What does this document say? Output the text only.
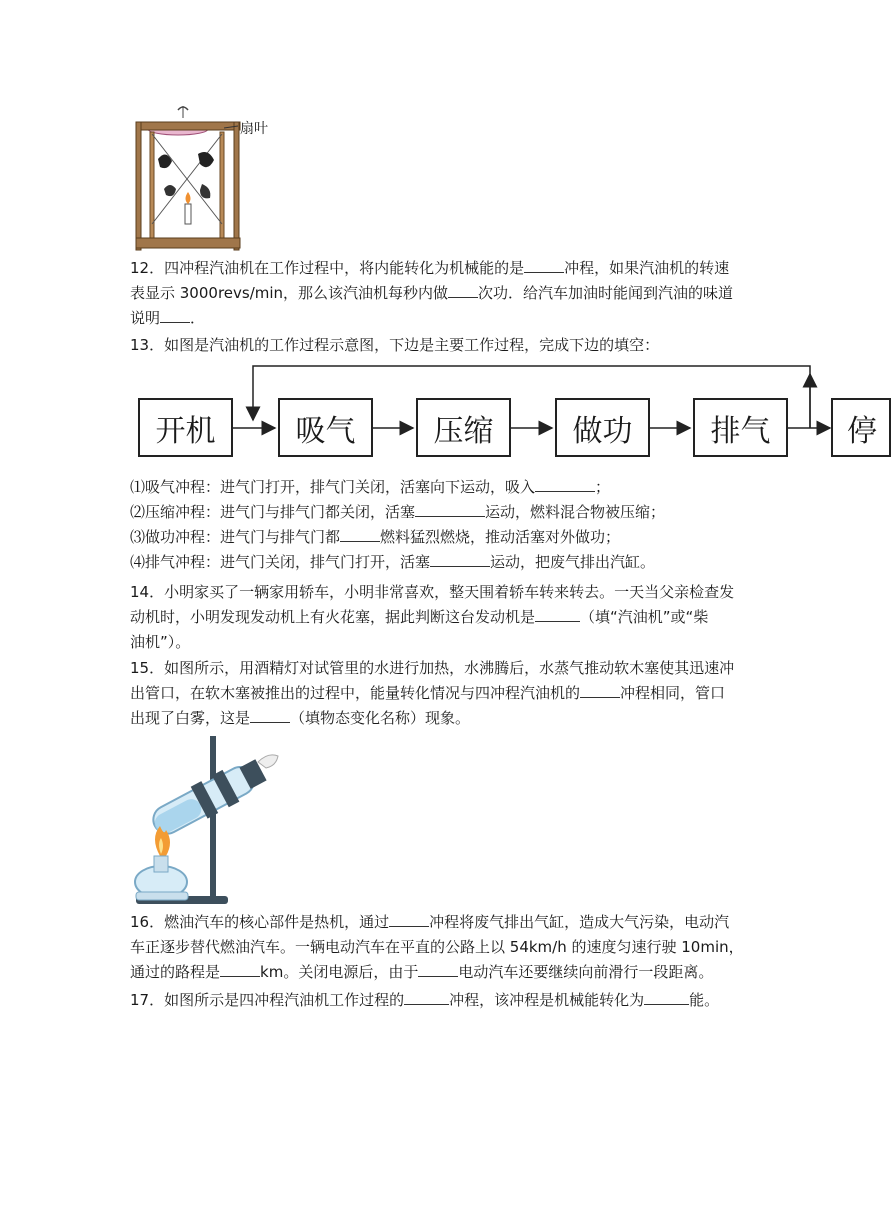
扇叶

12．四冲程汽油机在工作过程中，将内能转化为机械能的是	冲程，如果汽油机的转速

表显示 3000revs/min，那么该汽油机每秒内做 次功．给汽车加油时能闻到汽油的味道

说明 ．

13．如图是汽油机的工作过程示意图，下边是主要工作过程，完成下边的填空：

开机	吸气	压缩	做功	排气	停

⑴吸气冲程：进气门打开，排气门关闭，活塞向下运动，吸入	；

⑵压缩冲程：进气门与排气门都关闭，活塞	运动，燃料混合物被压缩；

⑶做功冲程：进气门与排气门都	燃料猛烈燃烧，推动活塞对外做功；

⑷排气冲程：进气门关闭，排气门打开，活塞	运动，把废气排出汽缸。

14．小明家买了一辆家用轿车，小明非常喜欢，整天围着轿车转来转去。一天当父亲检查发

动机时，小明发现发动机上有火花塞，据此判断这台发动机是	（填“汽油机”或“柴

油机”）。

15．如图所示，用酒精灯对试管里的水进行加热，水沸腾后，水蒸气推动软木塞使其迅速冲

出管口，在软木塞被推出的过程中，能量转化情况与四冲程汽油机的	冲程相同，管口

出现了白雾，这是	（填物态变化名称）现象。

16．燃油汽车的核心部件是热机，通过	冲程将废气排出气缸，造成大气污染，电动汽

车正逐步替代燃油汽车。一辆电动汽车在平直的公路上以 54km/h 的速度匀速行驶 10min，

通过的路程是	km。关闭电源后，由于	电动汽车还要继续向前滑行一段距离。

17．如图所示是四冲程汽油机工作过程的	冲程，该冲程是机械能转化为	能。
